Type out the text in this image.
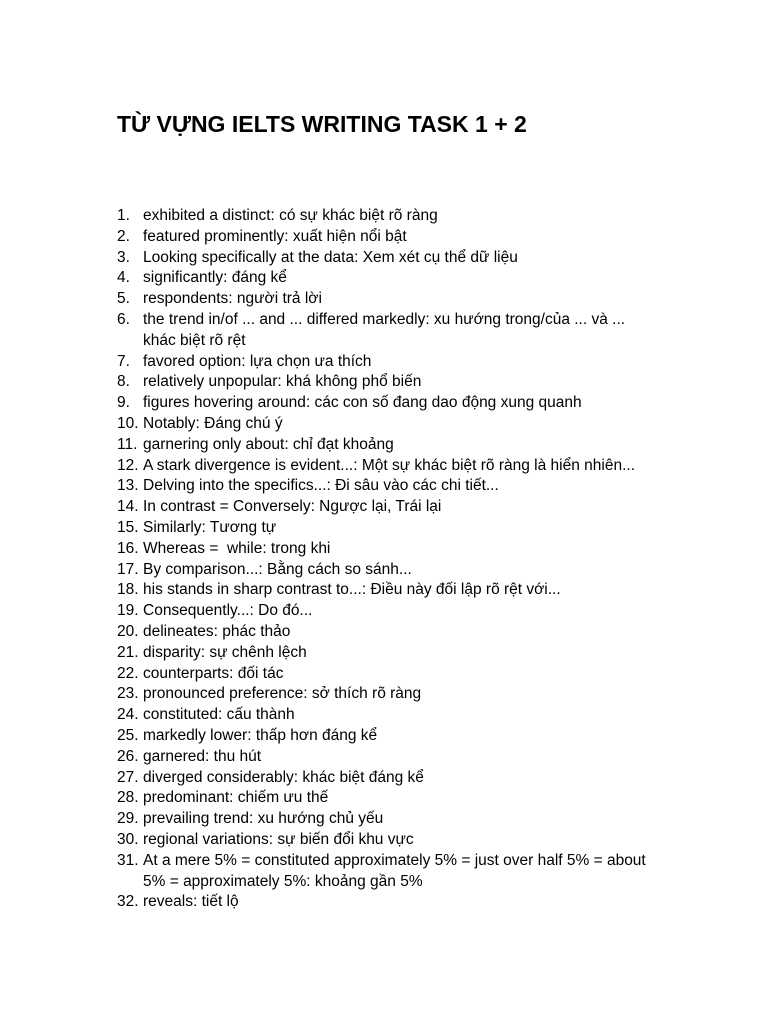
TỪ VỰNG IELTS WRITING TASK 1 + 2
1. exhibited a distinct: có sự khác biệt rõ ràng
2. featured prominently: xuất hiện nổi bật
3. Looking specifically at the data: Xem xét cụ thể dữ liệu
4. significantly: đáng kể
5. respondents: người trả lời
6. the trend in/of ... and ... differed markedly: xu hướng trong/của ... và ... khác biệt rõ rệt
7. favored option: lựa chọn ưa thích
8. relatively unpopular: khá không phổ biến
9. figures hovering around: các con số đang dao động xung quanh
10. Notably: Đáng chú ý
11. garnering only about: chỉ đạt khoảng
12. A stark divergence is evident...: Một sự khác biệt rõ ràng là hiển nhiên...
13. Delving into the specifics...: Đi sâu vào các chi tiết...
14. In contrast = Conversely: Ngược lại, Trái lại
15. Similarly: Tương tự
16. Whereas =  while: trong khi
17. By comparison...: Bằng cách so sánh...
18. his stands in sharp contrast to...: Điều này đối lập rõ rệt với...
19. Consequently...: Do đó...
20. delineates: phác thảo
21. disparity: sự chênh lệch
22. counterparts: đối tác
23. pronounced preference: sở thích rõ ràng
24. constituted: cấu thành
25. markedly lower: thấp hơn đáng kể
26. garnered: thu hút
27. diverged considerably: khác biệt đáng kể
28. predominant: chiếm ưu thế
29. prevailing trend: xu hướng chủ yếu
30. regional variations: sự biến đổi khu vực
31. At a mere 5% = constituted approximately 5% = just over half 5% = about 5% = approximately 5%: khoảng gần 5%
32. reveals: tiết lộ
